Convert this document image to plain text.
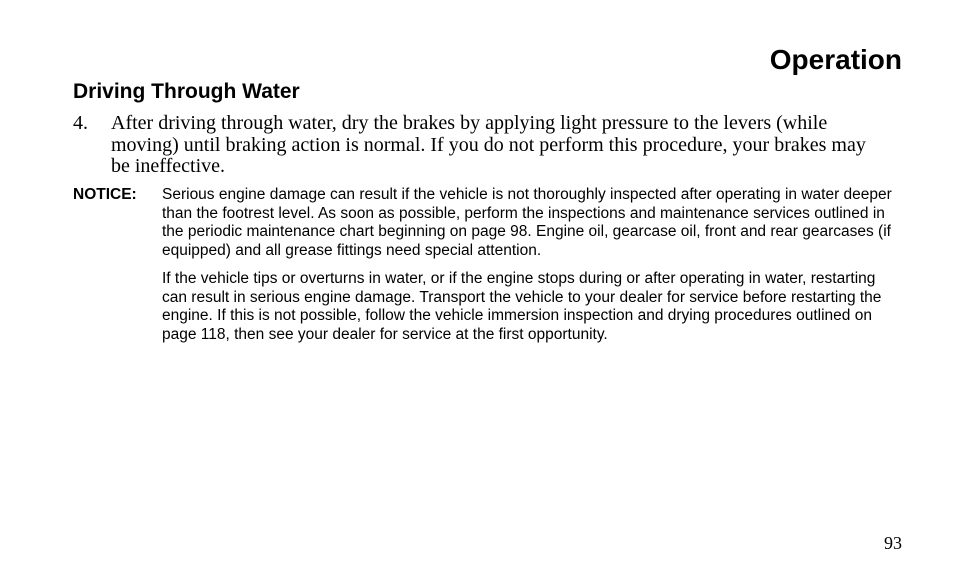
Operation
Driving Through Water
4. After driving through water, dry the brakes by applying light pressure to the levers (while moving) until braking action is normal. If you do not perform this procedure, your brakes may be ineffective.
NOTICE: Serious engine damage can result if the vehicle is not thoroughly inspected after operating in water deeper than the footrest level. As soon as possible, perform the inspections and maintenance services outlined in the periodic maintenance chart beginning on page 98. Engine oil, gearcase oil, front and rear gearcases (if equipped) and all grease fittings need special attention.

If the vehicle tips or overturns in water, or if the engine stops during or after operating in water, restarting can result in serious engine damage. Transport the vehicle to your dealer for service before restarting the engine. If this is not possible, follow the vehicle immersion inspection and drying procedures outlined on page 118, then see your dealer for service at the first opportunity.

93
